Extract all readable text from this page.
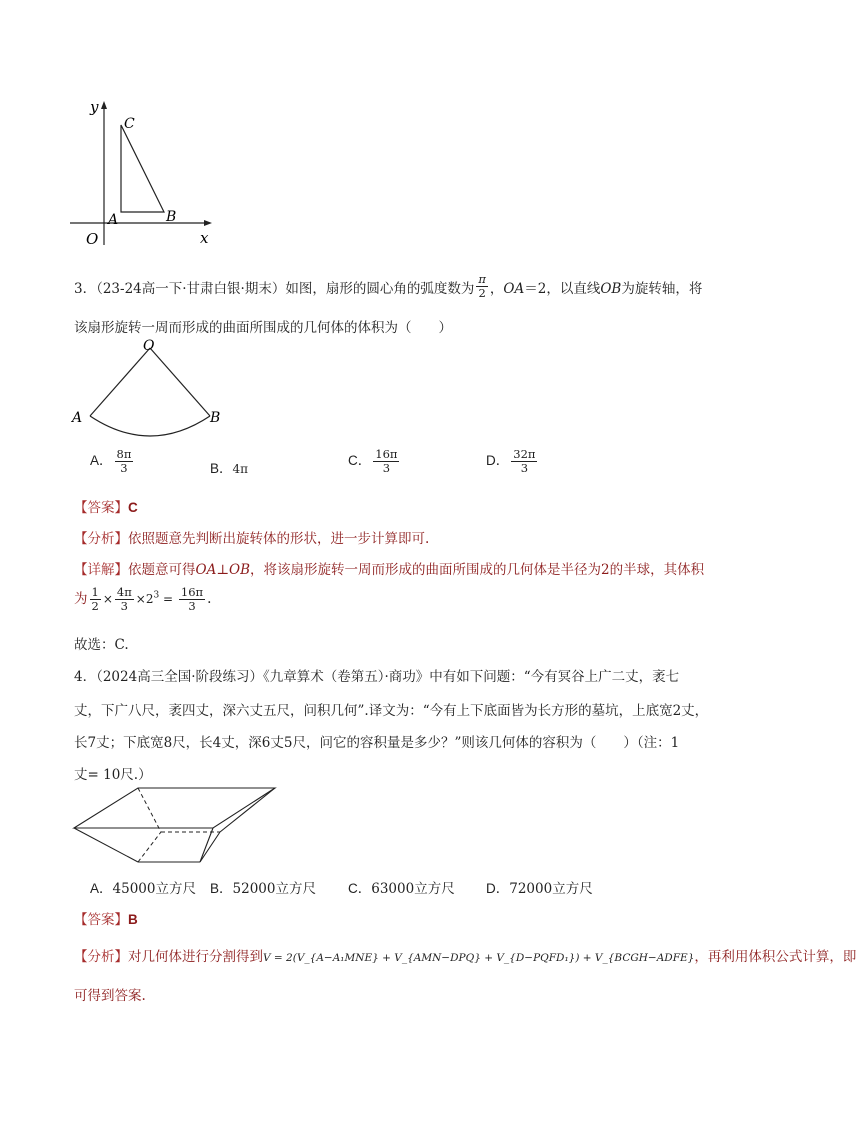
y
C
A	B
O	x
3．（23-24高一下·甘肃白银·期末）如图，扇形的圆心角的弧度数为 $\frac{\pi}{2}$ ，OA＝2，以直线OB为旋转轴，将
该扇形旋转一周而形成的曲面所围成的几何体的体积为（　　）
O
A	B
A． $\frac{8\pi}{3}$	B．4π
C． $\frac{16\pi}{3}$	D． $\frac{32\pi}{3}$
【答案】C
【分析】依照题意先判断出旋转体的形状，进一步计算即可.
【详解】依题意可得OA⊥OB，将该扇形旋转一周而形成的曲面所围成的几何体是半径为2的半球，其体积
为 $\frac{1}{2} \times \frac{4\pi}{3} \times 2^3 = \frac{16\pi}{3}$ .
故选：C.
4．（2024高三全国·阶段练习）《九章算术（卷第五）·商功》中有如下问题：“今有冥谷上广二丈，袤七
丈，下广八尺，袤四丈，深六丈五尺，问积几何”.译文为：“今有上下底面皆为长方形的墓坑，上底宽2丈，
长7丈；下底宽8尺，长4丈，深6丈5尺，问它的容积量是多少？”则该几何体的容积为（　　）（注：1
丈= 10尺.）
A．45000立方尺 B．52000立方尺 C．63000立方尺 D．72000立方尺
【答案】B
【分析】对几何体进行分割得到V = 2(V_{A−A₁MNE} + V_{AMN−DPQ} + V_{D−PQFD₁}) + V_{BCGH−ADFE}，再利用体积公式计算，即
可得到答案.
